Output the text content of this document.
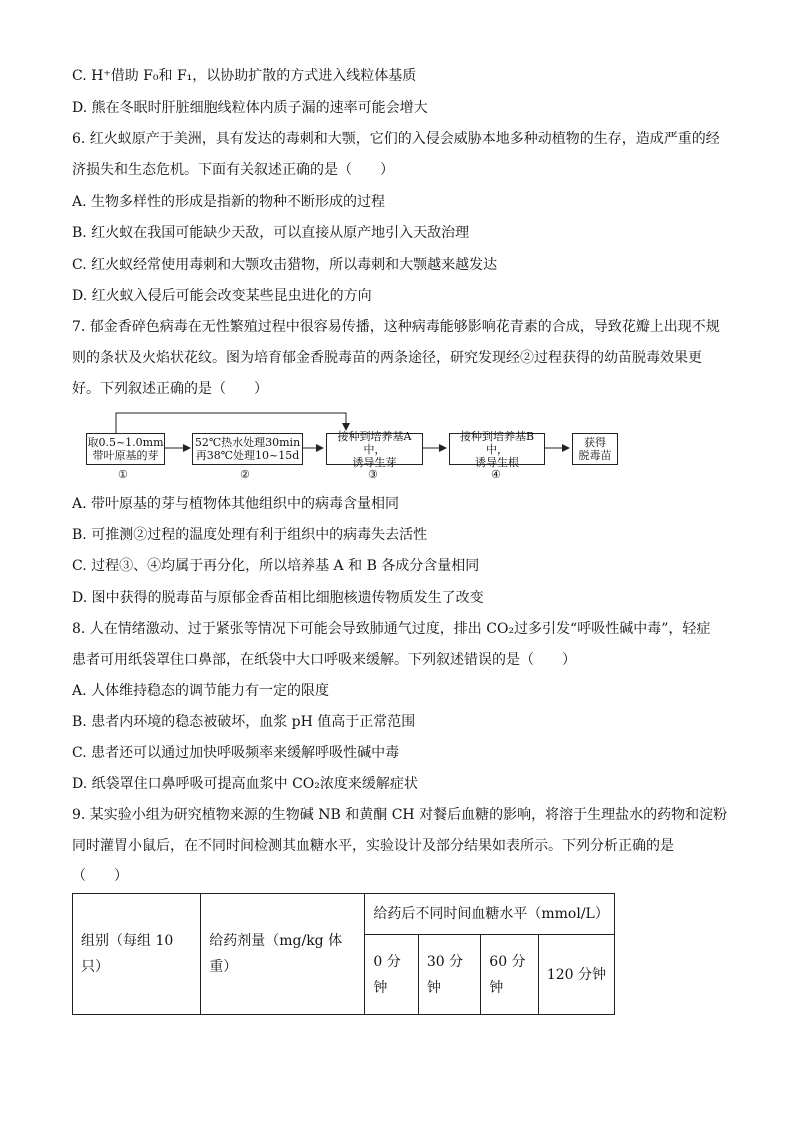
C. H⁺借助 F₀和 F₁，以协助扩散的方式进入线粒体基质
D. 熊在冬眠时肝脏细胞线粒体内质子漏的速率可能会增大
6. 红火蚁原产于美洲，具有发达的毒刺和大颚，它们的入侵会威胁本地多种动植物的生存，造成严重的经
济损失和生态危机。下面有关叙述正确的是（　　）
A. 生物多样性的形成是指新的物种不断形成的过程
B. 红火蚁在我国可能缺少天敌，可以直接从原产地引入天敌治理
C. 红火蚁经常使用毒刺和大颚攻击猎物，所以毒刺和大颚越来越发达
D. 红火蚁入侵后可能会改变某些昆虫进化的方向
7. 郁金香碎色病毒在无性繁殖过程中很容易传播，这种病毒能够影响花青素的合成，导致花瓣上出现不规
则的条状及火焰状花纹。图为培育郁金香脱毒苗的两条途径，研究发现经②过程获得的幼苗脱毒效果更
好。下列叙述正确的是（　　）
取0.5~1.0mm
带叶原基的芽
52℃热水处理30min
再38℃处理10~15d
接种到培养基A中，
诱导生芽
接种到培养基B中，
诱导生根
获得
脱毒苗
①	②	③	④
A. 带叶原基的芽与植物体其他组织中的病毒含量相同
B. 可推测②过程的温度处理有利于组织中的病毒失去活性
C. 过程③、④均属于再分化，所以培养基 A 和 B 各成分含量相同
D. 图中获得的脱毒苗与原郁金香苗相比细胞核遗传物质发生了改变
8. 人在情绪激动、过于紧张等情况下可能会导致肺通气过度，排出 CO₂过多引发“呼吸性碱中毒”，轻症
患者可用纸袋罩住口鼻部，在纸袋中大口呼吸来缓解。下列叙述错误的是（　　）
A. 人体维持稳态的调节能力有一定的限度
B. 患者内环境的稳态被破坏，血浆 pH 值高于正常范围
C. 患者还可以通过加快呼吸频率来缓解呼吸性碱中毒
D. 纸袋罩住口鼻呼吸可提高血浆中 CO₂浓度来缓解症状
9. 某实验小组为研究植物来源的生物碱 NB 和黄酮 CH 对餐后血糖的影响，将溶于生理盐水的药物和淀粉
同时灌胃小鼠后，在不同时间检测其血糖水平，实验设计及部分结果如表所示。下列分析正确的是
（　　）
组别（每组 10 只）	给药剂量（mg/kg 体重）	给药后不同时间血糖水平（mmol/L）			
		0 分钟	30 分钟	60 分钟	120 分钟
